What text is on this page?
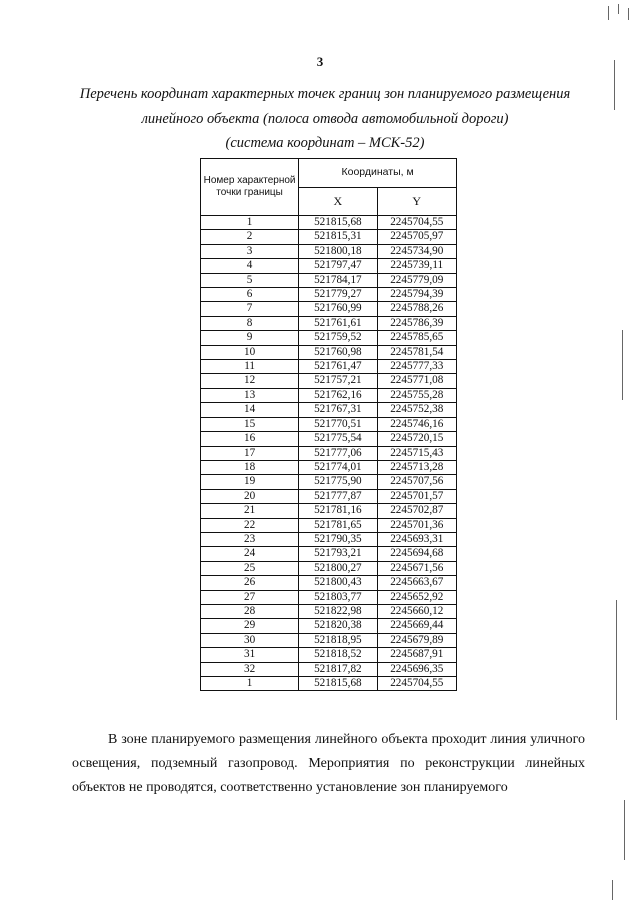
3
Перечень координат характерных точек границ зон планируемого размещения
линейного объекта (полоса отвода автомобильной дороги)
(система координат – МСК-52)
Номер характерной точки границы	Координаты, м	
	X	Y
1	521815,68	2245704,55
2	521815,31	2245705,97
3	521800,18	2245734,90
4	521797,47	2245739,11
5	521784,17	2245779,09
6	521779,27	2245794,39
7	521760,99	2245788,26
8	521761,61	2245786,39
9	521759,52	2245785,65
10	521760,98	2245781,54
11	521761,47	2245777,33
12	521757,21	2245771,08
13	521762,16	2245755,28
14	521767,31	2245752,38
15	521770,51	2245746,16
16	521775,54	2245720,15
17	521777,06	2245715,43
18	521774,01	2245713,28
19	521775,90	2245707,56
20	521777,87	2245701,57
21	521781,16	2245702,87
22	521781,65	2245701,36
23	521790,35	2245693,31
24	521793,21	2245694,68
25	521800,27	2245671,56
26	521800,43	2245663,67
27	521803,77	2245652,92
28	521822,98	2245660,12
29	521820,38	2245669,44
30	521818,95	2245679,89
31	521818,52	2245687,91
32	521817,82	2245696,35
1	521815,68	2245704,55
В зоне планируемого размещения линейного объекта проходит линия уличного освещения, подземный газопровод. Мероприятия по реконструкции линейных объектов не проводятся, соответственно установление зон планируемого
